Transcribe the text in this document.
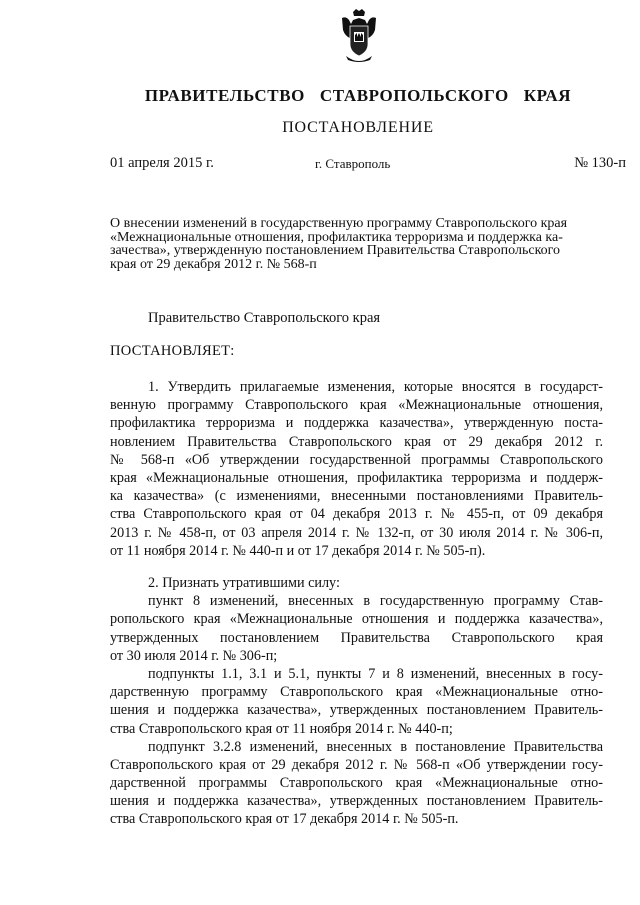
ПРАВИТЕЛЬСТВО СТАВРОПОЛЬСКОГО КРАЯ
ПОСТАНОВЛЕНИЕ
01 апреля 2015 г.	г. Ставрополь	№ 130-п
О внесении изменений в государственную программу Ставропольского края
«Межнациональные отношения, профилактика терроризма и поддержка ка-
зачества», утвержденную постановлением Правительства Ставропольского
края от 29 декабря 2012 г. № 568-п
Правительство Ставропольского края
ПОСТАНОВЛЯЕТ:
1. Утвердить прилагаемые изменения, которые вносятся в государст-
венную программу Ставропольского края «Межнациональные отношения,
профилактика терроризма и поддержка казачества», утвержденную поста-
новлением Правительства Ставропольского края от 29 декабря 2012 г.
№ 568-п «Об утверждении государственной программы Ставропольского
края «Межнациональные отношения, профилактика терроризма и поддерж-
ка казачества» (с изменениями, внесенными постановлениями Правитель-
ства Ставропольского края от 04 декабря 2013 г. № 455-п, от 09 декабря
2013 г. № 458-п, от 03 апреля 2014 г. № 132-п, от 30 июля 2014 г. № 306-п,
от 11 ноября 2014 г. № 440-п и от 17 декабря 2014 г. № 505-п).
2. Признать утратившими силу:
пункт 8 изменений, внесенных в государственную программу Став-
ропольского края «Межнациональные отношения и поддержка казачества»,
утвержденных постановлением Правительства Ставропольского края
от 30 июля 2014 г. № 306-п;
подпункты 1.1, 3.1 и 5.1, пункты 7 и 8 изменений, внесенных в госу-
дарственную программу Ставропольского края «Межнациональные отно-
шения и поддержка казачества», утвержденных постановлением Правитель-
ства Ставропольского края от 11 ноября 2014 г. № 440-п;
подпункт 3.2.8 изменений, внесенных в постановление Правительства
Ставропольского края от 29 декабря 2012 г. № 568-п «Об утверждении госу-
дарственной программы Ставропольского края «Межнациональные отно-
шения и поддержка казачества», утвержденных постановлением Правитель-
ства Ставропольского края от 17 декабря 2014 г. № 505-п.
